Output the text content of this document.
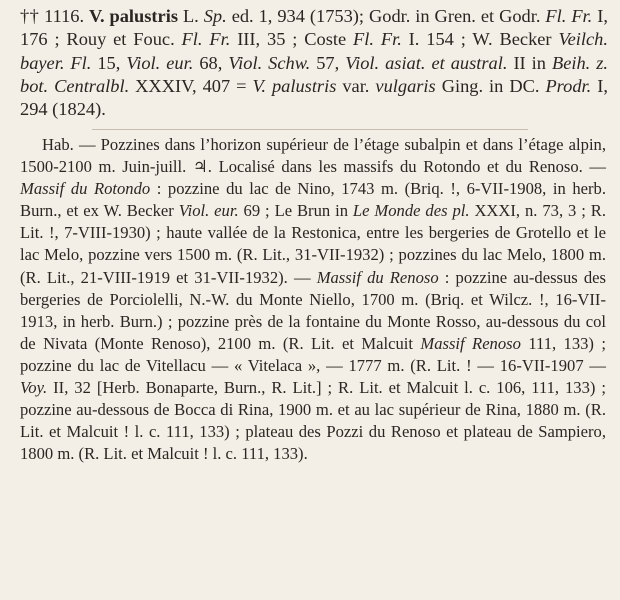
†† 1116. V. palustris L. Sp. ed. 1, 934 (1753); Godr. in Gren. et Godr. Fl. Fr. I, 176 ; Rouy et Fouc. Fl. Fr. III, 35 ; Coste Fl. Fr. I. 154 ; W. Becker Veilch. bayer. Fl. 15, Viol. eur. 68, Viol. Schw. 57, Viol. asiat. et austral. II in Beih. z. bot. Centralbl. XXXIV, 407 = V. palustris var. vulgaris Ging. in DC. Prodr. I, 294 (1824).

Hab. — Pozzines dans l’horizon supérieur de l’étage subalpin et dans l’étage alpin, 1500-2100 m. Juin-juill. ♃. Localisé dans les massifs du Rotondo et du Renoso. — Massif du Rotondo : pozzine du lac de Nino, 1743 m. (Briq. !, 6-VII-1908, in herb. Burn., et ex W. Becker Viol. eur. 69 ; Le Brun in Le Monde des pl. XXXI, n. 73, 3 ; R. Lit. !, 7-VIII-1930) ; haute vallée de la Restonica, entre les bergeries de Grotello et le lac Melo, pozzine vers 1500 m. (R. Lit., 31-VII-1932) ; pozzines du lac Melo, 1800 m. (R. Lit., 21-VIII-1919 et 31-VII-1932). — Massif du Renoso : pozzine au-dessus des bergeries de Porciolelli, N.-W. du Monte Niello, 1700 m. (Briq. et Wilcz. !, 16-VII-1913, in herb. Burn.) ; pozzine près de la fontaine du Monte Rosso, au-dessous du col de Nivata (Monte Renoso), 2100 m. (R. Lit. et Malcuit Massif Renoso 111, 133) ; pozzine du lac de Vitellacu — « Vitelaca », — 1777 m. (R. Lit. ! — 16-VII-1907 — Voy. II, 32 [Herb. Bonaparte, Burn., R. Lit.] ; R. Lit. et Malcuit l. c. 106, 111, 133) ; pozzine au-dessous de Bocca di Rina, 1900 m. et au lac supérieur de Rina, 1880 m. (R. Lit. et Malcuit ! l. c. 111, 133) ; plateau des Pozzi du Renoso et plateau de Sampiero, 1800 m. (R. Lit. et Malcuit ! l. c. 111, 133).
